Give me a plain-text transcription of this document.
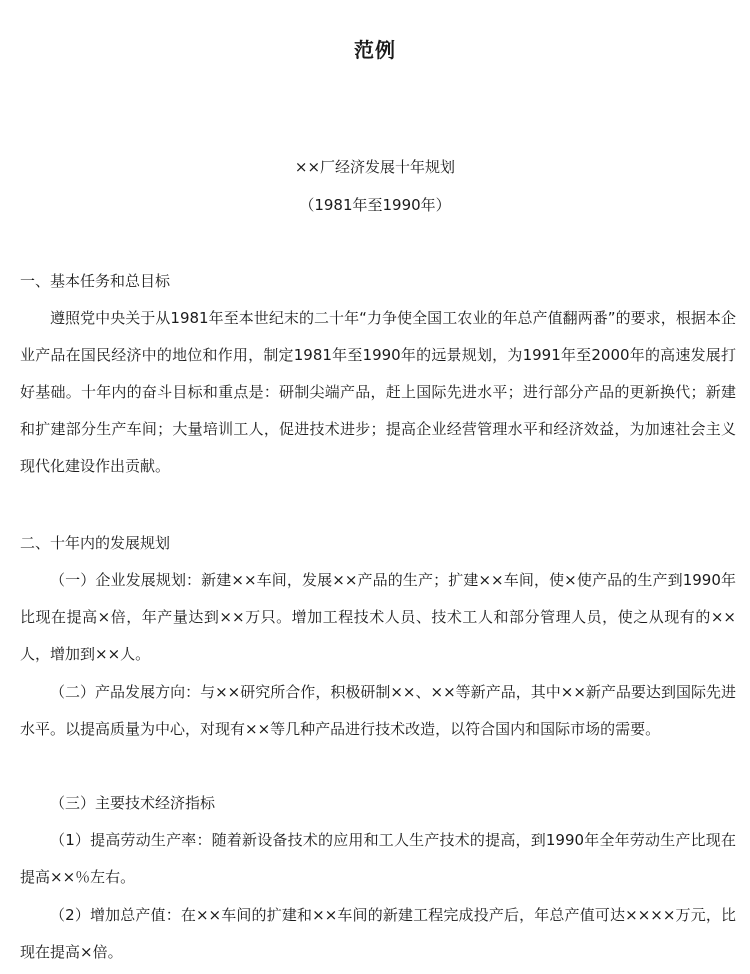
范例
××厂经济发展十年规划
（1981年至1990年）
一、基本任务和总目标

遵照党中央关于从1981年至本世纪末的二十年“力争使全国工农业的年总产值翻两番”的要求，根据本企业产品在国民经济中的地位和作用，制定1981年至1990年的远景规划，为1991年至2000年的高速发展打好基础。十年内的奋斗目标和重点是：研制尖端产品，赶上国际先进水平；进行部分产品的更新换代；新建和扩建部分生产车间；大量培训工人，促进技术进步；提高企业经营管理水平和经济效益，为加速社会主义现代化建设作出贡献。

二、十年内的发展规划

（一）企业发展规划：新建××车间，发展××产品的生产；扩建××车间，使×使产品的生产到1990年比现在提高×倍，年产量达到××万只。增加工程技术人员、技术工人和部分管理人员，使之从现有的××人，增加到××人。

（二）产品发展方向：与××研究所合作，积极研制××、××等新产品，其中××新产品要达到国际先进水平。以提高质量为中心，对现有××等几种产品进行技术改造，以符合国内和国际市场的需要。

（三）主要技术经济指标

（1）提高劳动生产率：随着新设备技术的应用和工人生产技术的提高，到1990年全年劳动生产比现在提高××％左右。

（2）增加总产值：在××车间的扩建和××车间的新建工程完成投产后，年总产值可达××××万元，比现在提高×倍。
